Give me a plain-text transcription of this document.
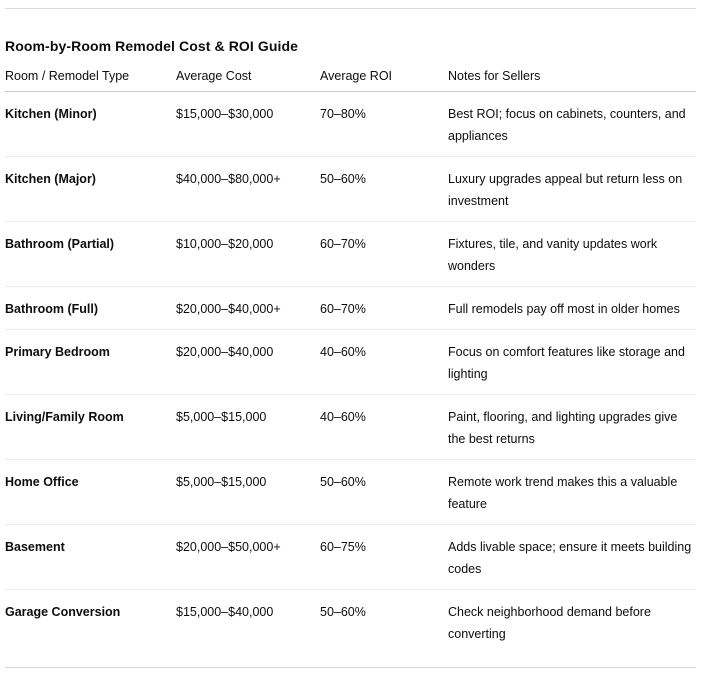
Room-by-Room Remodel Cost & ROI Guide
Room / Remodel Type	Average Cost	Average ROI	Notes for Sellers
Kitchen (Minor)	$15,000–$30,000	70–80%	Best ROI; focus on cabinets, counters, and appliances
Kitchen (Major)	$40,000–$80,000+	50–60%	Luxury upgrades appeal but return less on investment
Bathroom (Partial)	$10,000–$20,000	60–70%	Fixtures, tile, and vanity updates work wonders
Bathroom (Full)	$20,000–$40,000+	60–70%	Full remodels pay off most in older homes
Primary Bedroom	$20,000–$40,000	40–60%	Focus on comfort features like storage and lighting
Living/Family Room	$5,000–$15,000	40–60%	Paint, flooring, and lighting upgrades give the best returns
Home Office	$5,000–$15,000	50–60%	Remote work trend makes this a valuable feature
Basement	$20,000–$50,000+	60–75%	Adds livable space; ensure it meets building codes
Garage Conversion	$15,000–$40,000	50–60%	Check neighborhood demand before converting
